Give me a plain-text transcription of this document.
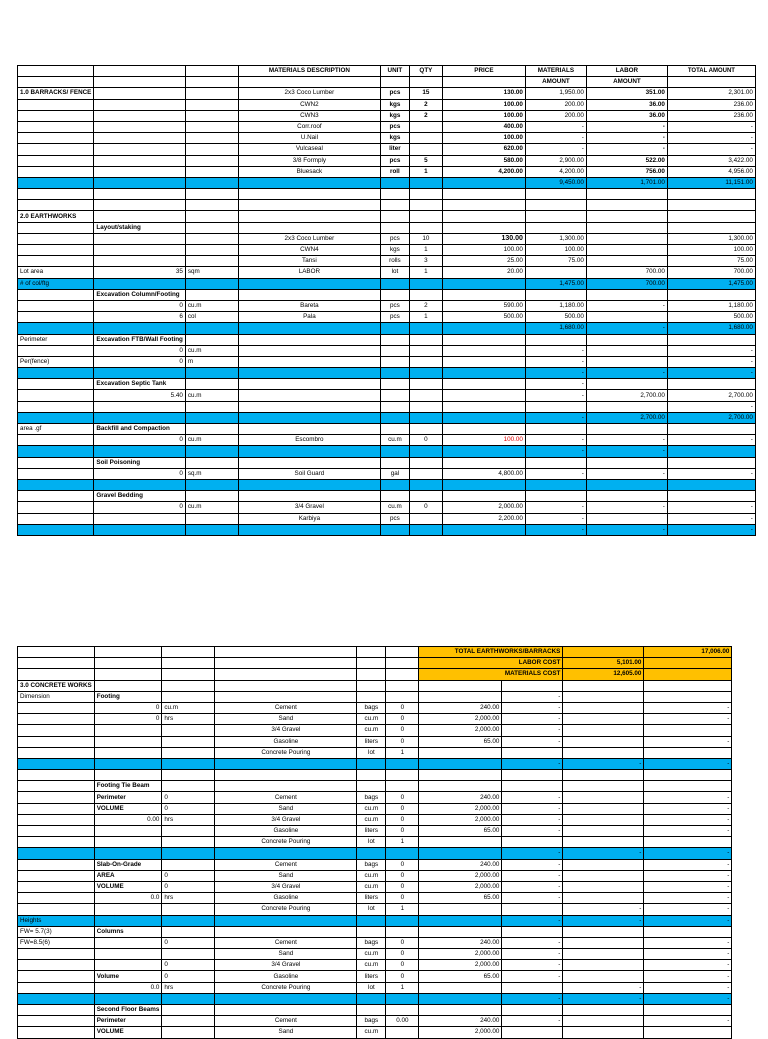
			MATERIALS DESCRIPTION	UNIT	QTY	PRICE	MATERIALS	LABOR	TOTAL AMOUNT
							AMOUNT	AMOUNT	
1.0 BARRACKS/ FENCE			2x3 Coco Lumber	pcs	15	130.00	1,950.00	351.00	2,301.00
			CWN2	kgs	2	100.00	200.00	36.00	236.00
			CWN3	kgs	2	100.00	200.00	36.00	236.00
			Corr.roof	pcs		400.00	-	-	-
			U.Nail	kgs		100.00	-	-	-
			Vulcaseal	liter		620.00	-	-	-
			3/8 Formply	pcs	5	580.00	2,900.00	522.00	3,422.00
			Bluesack	roll	1	4,200.00	4,200.00	756.00	4,956.00
							9,450.00	1,701.00	11,151.00

2.0 EARTHWORKS									
	Layout/staking								
			2x3 Coco Lumber	pcs	10	130.00	1,300.00		1,300.00
			CWN4	kgs	1	100.00	100.00		100.00
			Tansi	rolls	3	25.00	75.00		75.00
Lot area	35	sqm	LABOR	lot	1	20.00		700.00	700.00
# of col/ftg							1,475.00	700.00	1,475.00
	Excavation Column/Footing								
	0	cu.m	Bareta	pcs	2	590.00	1,180.00	-	1,180.00
	6	col	Pala	pcs	1	500.00	500.00		500.00
							1,680.00	-	1,680.00
Perimeter	Excavation FTB/Wall Footing								
	0	cu.m					-		-
Per(fence)	0	m					-		-
							-	-	-
	Excavation Septic Tank						-		
	5.40	cu.m					-	2,700.00	2,700.00
									-
							-	2,700.00	2,700.00
area .gf	Backfill and Compaction								
	0	cu.m	Escombro	cu.m	0	100.00	-	-	-
							-	-	
	Soil Poisoning								
	0	sq.m	Soil Guard	gal		4,800.00	-	-	-

	Gravel Bedding								
	0	cu.m	3/4 Gravel	cu.m	0	2,000.00	-	-	-
			Karbiya	pcs		2,200.00	-		-
							-	-	-
						TOTAL EARTHWORKS/BARRACKS			17,006.00
						LABOR COST		5,101.00	
						MATERIALS COST		12,605.00	
3.0 CONCRETE WORKS									
Dimension	Footing						-		
	0	cu.m	Cement	bags	0	240.00	-		-
	0	hrs	Sand	cu.m	0	2,000.00	-		-
			3/4 Gravel	cu.m	0	2,000.00	-		
			Gasoline	liters	0	65.00	-		-
			Concrete Pouring	lot	1				
							-	-	-

	Footing Tie Beam								
	Perimeter	0	Cement	bags	0	240.00	-		-
	VOLUME	0	Sand	cu.m	0	2,000.00	-		-
	0.00	hrs	3/4 Gravel	cu.m	0	2,000.00	-		-
			Gasoline	liters	0	65.00	-		-
			Concrete Pouring	lot	1				
							-	-	-
	Slab-On-Grade		Cement	bags	0	240.00	-		-
	AREA	0	Sand	cu.m	0	2,000.00	-		-
	VOLUME	0	3/4 Gravel	cu.m	0	2,000.00	-		-
	0.0	hrs	Gasoline	liters	0	65.00	-		-
			Concrete Pouring	lot	1			-	-
Heights							-	-	-
FW= 5.7(3)	Columns								
FW=8.5(6)		0	Cement	bags	0	240.00	-		-
			Sand	cu.m	0	2,000.00	-		-
		0	3/4 Gravel	cu.m	0	2,000.00	-		-
	Volume	0	Gasoline	liters	0	65.00	-		-
	0.0	hrs	Concrete Pouring	lot	1			-	-
							-	-	-
	Second Floor Beams								
	Perimeter		Cement	bags	0.00	240.00	-		-
	VOLUME		Sand	cu.m		2,000.00			
